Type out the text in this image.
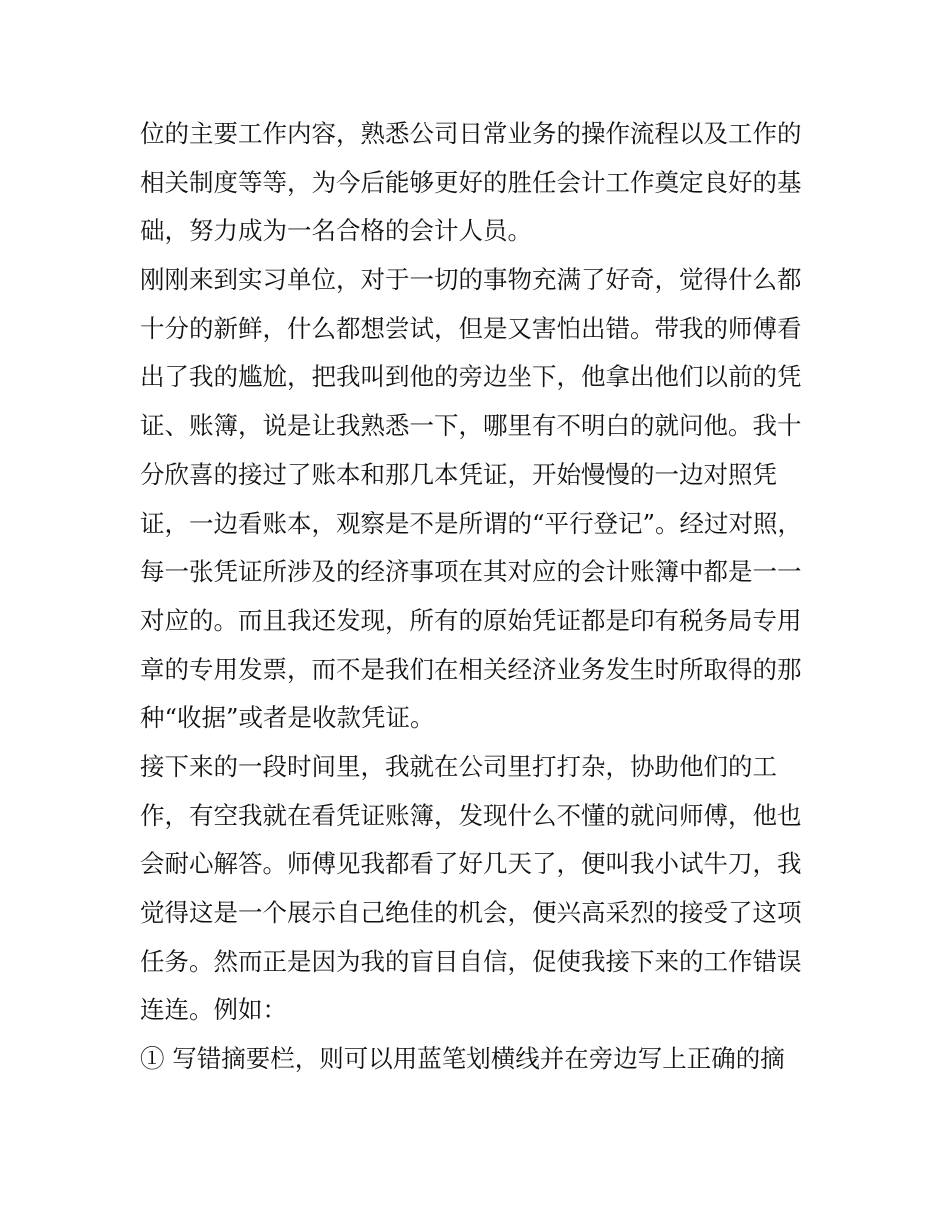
位的主要工作内容，熟悉公司日常业务的操作流程以及工作的
相关制度等等，为今后能够更好的胜任会计工作奠定良好的基
础，努力成为一名合格的会计人员。
刚刚来到实习单位，对于一切的事物充满了好奇，觉得什么都
十分的新鲜，什么都想尝试，但是又害怕出错。带我的师傅看
出了我的尴尬，把我叫到他的旁边坐下，他拿出他们以前的凭
证、账簿，说是让我熟悉一下，哪里有不明白的就问他。我十
分欣喜的接过了账本和那几本凭证，开始慢慢的一边对照凭
证，一边看账本，观察是不是所谓的“平行登记”。经过对照，
每一张凭证所涉及的经济事项在其对应的会计账簿中都是一一
对应的。而且我还发现，所有的原始凭证都是印有税务局专用
章的专用发票，而不是我们在相关经济业务发生时所取得的那
种“收据”或者是收款凭证。
接下来的一段时间里，我就在公司里打打杂，协助他们的工
作，有空我就在看凭证账簿，发现什么不懂的就问师傅，他也
会耐心解答。师傅见我都看了好几天了，便叫我小试牛刀，我
觉得这是一个展示自己绝佳的机会，便兴高采烈的接受了这项
任务。然而正是因为我的盲目自信，促使我接下来的工作错误
连连。例如：
① 写错摘要栏，则可以用蓝笔划横线并在旁边写上正确的摘
